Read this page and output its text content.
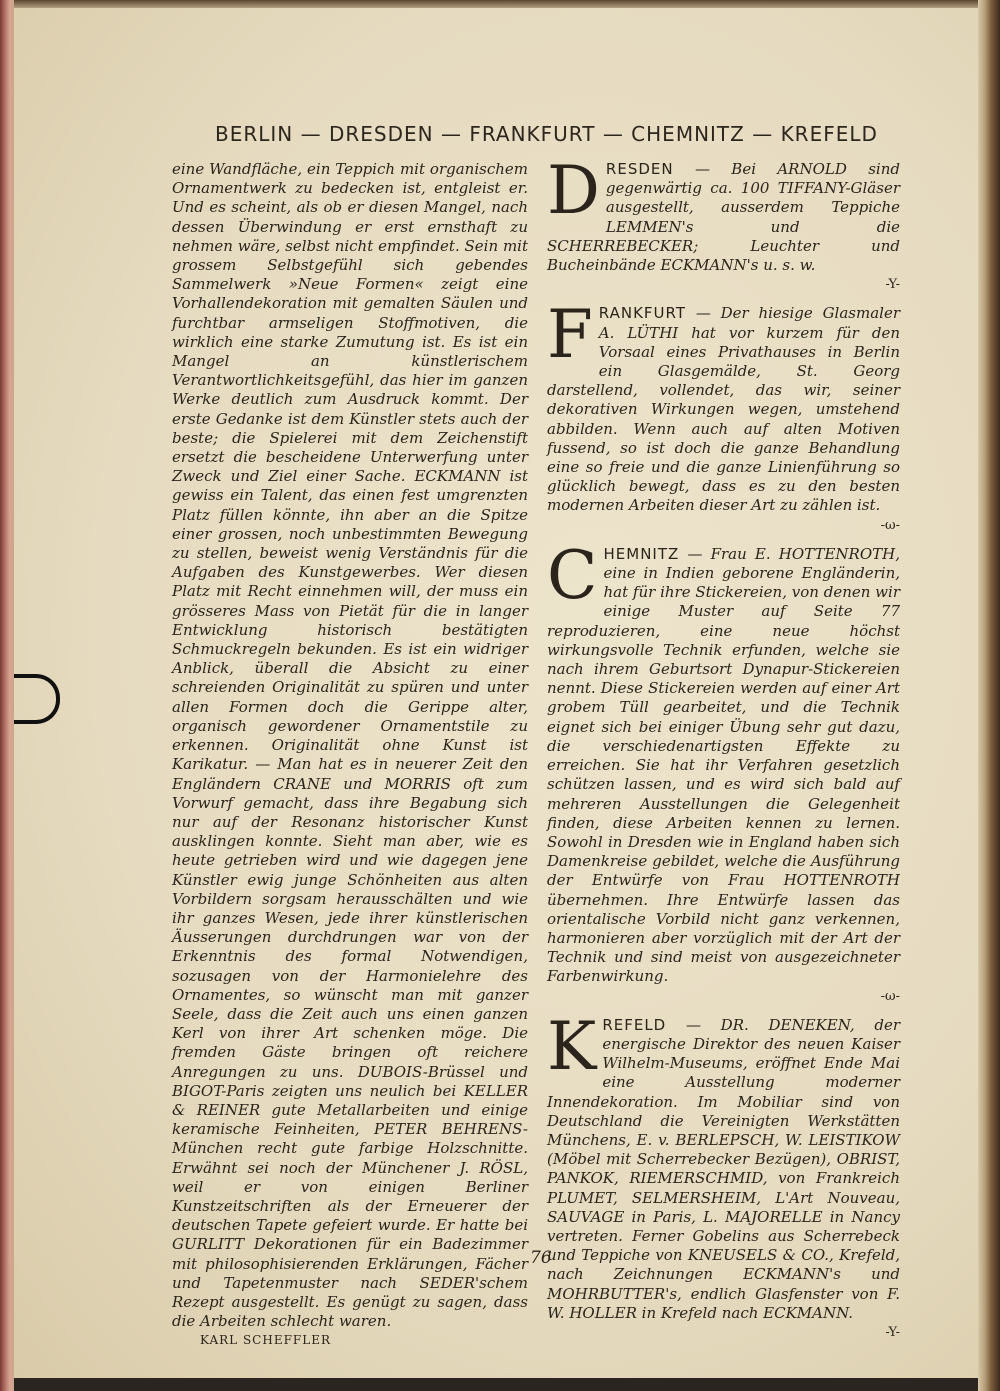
BERLIN — DRESDEN — FRANKFURT — CHEMNITZ — KREFELD

eine Wandfläche, ein Teppich mit organischem Ornamentwerk zu bedecken ist, entgleist er. Und es scheint, als ob er diesen Mangel, nach dessen Überwindung er erst ernsthaft zu nehmen wäre, selbst nicht empfindet. Sein mit grossem Selbstgefühl sich gebendes Sammelwerk »Neue Formen« zeigt eine Vorhallendekoration mit gemalten Säulen und furchtbar armseligen Stoffmotiven, die wirklich eine starke Zumutung ist. Es ist ein Mangel an künstlerischem Verantwortlichkeitsgefühl, das hier im ganzen Werke deutlich zum Ausdruck kommt. Der erste Gedanke ist dem Künstler stets auch der beste; die Spielerei mit dem Zeichenstift ersetzt die bescheidene Unterwerfung unter Zweck und Ziel einer Sache. ECKMANN ist gewiss ein Talent, das einen fest umgrenzten Platz füllen könnte, ihn aber an die Spitze einer grossen, noch unbestimmten Bewegung zu stellen, beweist wenig Verständnis für die Aufgaben des Kunstgewerbes. Wer diesen Platz mit Recht einnehmen will, der muss ein grösseres Mass von Pietät für die in langer Entwicklung historisch bestätigten Schmuckregeln bekunden. Es ist ein widriger Anblick, überall die Absicht zu einer schreienden Originalität zu spüren und unter allen Formen doch die Gerippe alter, organisch gewordener Ornamentstile zu erkennen. Originalität ohne Kunst ist Karikatur. — Man hat es in neuerer Zeit den Engländern CRANE und MORRIS oft zum Vorwurf gemacht, dass ihre Begabung sich nur auf der Resonanz historischer Kunst ausklingen konnte. Sieht man aber, wie es heute getrieben wird und wie dagegen jene Künstler ewig junge Schönheiten aus alten Vorbildern sorgsam herausschälten und wie ihr ganzes Wesen, jede ihrer künstlerischen Äusserungen durchdrungen war von der Erkenntnis des formal Notwendigen, sozusagen von der Harmonielehre des Ornamentes, so wünscht man mit ganzer Seele, dass die Zeit auch uns einen ganzen Kerl von ihrer Art schenken möge. Die fremden Gäste bringen oft reichere Anregungen zu uns. DUBOIS-Brüssel und BIGOT-Paris zeigten uns neulich bei KELLER & REINER gute Metallarbeiten und einige keramische Feinheiten, PETER BEHRENS-München recht gute farbige Holzschnitte. Erwähnt sei noch der Münchener J. RÖSL, weil er von einigen Berliner Kunstzeitschriften als der Erneuerer der deutschen Tapete gefeiert wurde. Er hatte bei GURLITT Dekorationen für ein Badezimmer mit philosophisierenden Erklärungen, Fächer und Tapetenmuster nach SEDER'schem Rezept ausgestellt. Es genügt zu sagen, dass die Arbeiten schlecht waren.

KARL SCHEFFLER
D RESDEN — Bei ARNOLD sind gegenwärtig ca. 100 TIFFANY-Gläser ausgestellt, ausserdem Teppiche LEMMEN's und die SCHERREBECKER; Leuchter und Bucheinbände ECKMANN's u. s. w.
-Y-
F RANKFURT — Der hiesige Glasmaler A. LÜTHI hat vor kurzem für den Vorsaal eines Privathauses in Berlin ein Glasgemälde, St. Georg darstellend, vollendet, das wir, seiner dekorativen Wirkungen wegen, umstehend abbilden. Wenn auch auf alten Motiven fussend, so ist doch die ganze Behandlung eine so freie und die ganze Linienführung so glücklich bewegt, dass es zu den besten modernen Arbeiten dieser Art zu zählen ist.
-ω-
C HEMNITZ — Frau E. HOTTENROTH, eine in Indien geborene Engländerin, hat für ihre Stickereien, von denen wir einige Muster auf Seite 77 reproduzieren, eine neue höchst wirkungsvolle Technik erfunden, welche sie nach ihrem Geburtsort Dynapur-Stickereien nennt. Diese Stickereien werden auf einer Art grobem Tüll gearbeitet, und die Technik eignet sich bei einiger Übung sehr gut dazu, die verschiedenartigsten Effekte zu erreichen. Sie hat ihr Verfahren gesetzlich schützen lassen, und es wird sich bald auf mehreren Ausstellungen die Gelegenheit finden, diese Arbeiten kennen zu lernen. Sowohl in Dresden wie in England haben sich Damenkreise gebildet, welche die Ausführung der Entwürfe von Frau HOTTENROTH übernehmen. Ihre Entwürfe lassen das orientalische Vorbild nicht ganz verkennen, harmonieren aber vorzüglich mit der Art der Technik und sind meist von ausgezeichneter Farbenwirkung.
-ω-
K REFELD — DR. DENEKEN, der energische Direktor des neuen Kaiser Wilhelm-Museums, eröffnet Ende Mai eine Ausstellung moderner Innendekoration. Im Mobiliar sind von Deutschland die Vereinigten Werkstätten Münchens, E. v. BERLEPSCH, W. LEISTIKOW (Möbel mit Scherrebecker Bezügen), OBRIST, PANKOK, RIEMERSCHMID, von Frankreich PLUMET, SELMERSHEIM, L'Art Nouveau, SAUVAGE in Paris, L. MAJORELLE in Nancy vertreten. Ferner Gobelins aus Scherrebeck und Teppiche von KNEUSELS & CO., Krefeld, nach Zeichnungen ECKMANN's und MOHRBUTTER's, endlich Glasfenster von F. W. HOLLER in Krefeld nach ECKMANN.
-Y-
76
